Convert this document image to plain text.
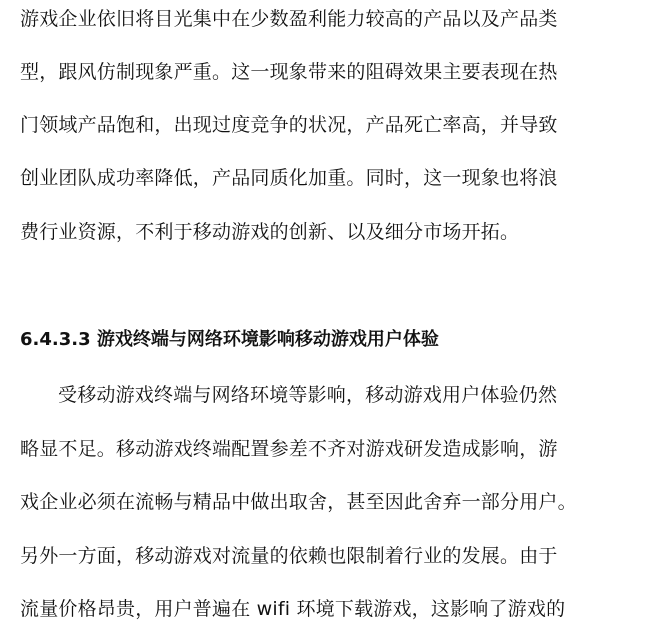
游戏企业依旧将目光集中在少数盈利能力较高的产品以及产品类
型，跟风仿制现象严重。这一现象带来的阻碍效果主要表现在热
门领域产品饱和，出现过度竞争的状况，产品死亡率高，并导致
创业团队成功率降低，产品同质化加重。同时，这一现象也将浪
费行业资源，不利于移动游戏的创新、以及细分市场开拓。
6.4.3.3 游戏终端与网络环境影响移动游戏用户体验
受移动游戏终端与网络环境等影响，移动游戏用户体验仍然
略显不足。移动游戏终端配置参差不齐对游戏研发造成影响，游
戏企业必须在流畅与精品中做出取舍，甚至因此舍弃一部分用户。
另外一方面，移动游戏对流量的依赖也限制着行业的发展。由于
流量价格昂贵，用户普遍在 wifi 环境下载游戏，这影响了游戏的
